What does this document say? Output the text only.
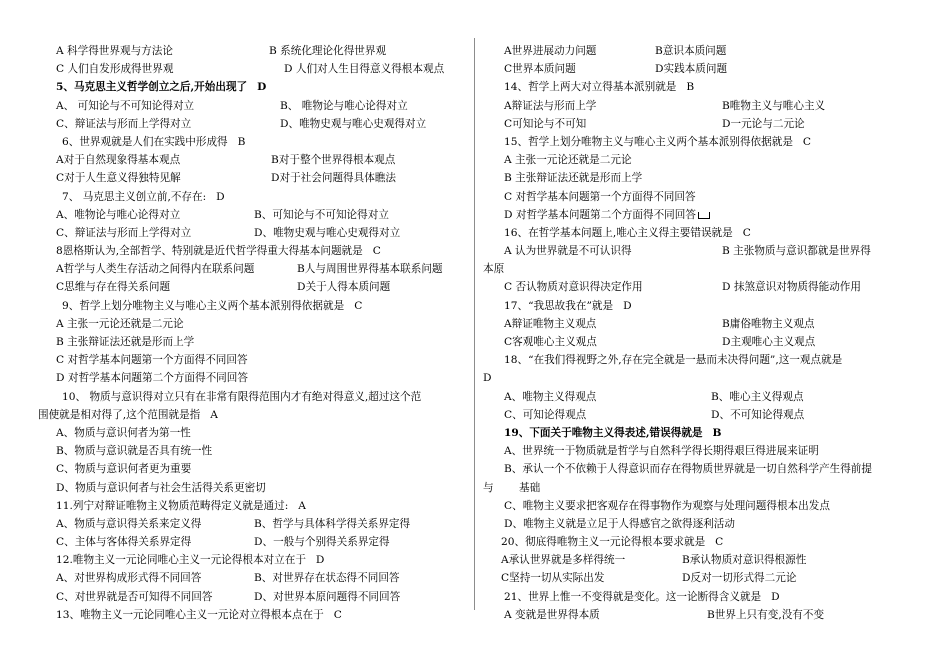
A 科学得世界观与方法论	B 系统化理论化得世界观
C 人们自发形成得世界观	D 人们对人生目得意义得根本观点
5、马克思主义哲学创立之后,开始出现了 D
A、 可知论与不可知论得对立	B、 唯物论与唯心论得对立
C、辩证法与形而上学得对立	D、唯物史观与唯心史观得对立
6、世界观就是人们在实践中形成得 B
A对于自然现象得基本观点	B对于整个世界得根本观点
C对于人生意义得独特见解	D对于社会问题得具体瞧法
7、 马克思主义创立前,不存在: D
A、唯物论与唯心论得对立	B、可知论与不可知论得对立
C、辩证法与形而上学得对立	D、唯物史观与唯心史观得对立
8恩格斯认为,全部哲学、特别就是近代哲学得重大得基本问题就是 C
A哲学与人类生存活动之间得内在联系问题	B人与周围世界得基本联系问题
C思维与存在得关系问题	D关于人得本质问题
9、哲学上划分唯物主义与唯心主义两个基本派别得依据就是 C
A 主张一元论还就是二元论
B 主张辩证法还就是形而上学
C 对哲学基本问题第一个方面得不同回答
D 对哲学基本问题第二个方面得不同回答
10、 物质与意识得对立只有在非常有限得范围内才有绝对得意义,超过这个范
围使就是相对得了,这个范围就是指 A
A、物质与意识何者为第一性
B、物质与意识就是否具有统一性
C、物质与意识何者更为重要
D、物质与意识何者与社会生活得关系更密切
11.列宁对辩证唯物主义物质范畴得定义就是通过: A
A、物质与意识得关系来定义得	B、哲学与具体科学得关系界定得
C、主体与客体得关系界定得	D、一般与个别得关系界定得
12.唯物主义一元论同唯心主义一元论得根本对立在于 D
A、对世界构成形式得不同回答	B、对世界存在状态得不同回答
C、对世界就是否可知得不同回答	D、对世界本原问题得不同回答
13、唯物主义一元论同唯心主义一元论对立得根本点在于 C
A世界进展动力问题	B意识本质问题
C世界本质问题	D实践本质问题
14、哲学上两大对立得基本派别就是 B
A辩证法与形而上学	B唯物主义与唯心主义
C可知论与不可知	D一元论与二元论
15、哲学上划分唯物主义与唯心主义两个基本派别得依据就是 C
A 主张一元论还就是二元论
B 主张辩证法还就是形而上学
C 对哲学基本问题第一个方面得不同回答
D 对哲学基本问题第二个方面得不同回答
16、在哲学基本问题上,唯心主义得主要错误就是 C
A 认为世界就是不可认识得	B 主张物质与意识都就是世界得
本原
C 否认物质对意识得决定作用	D 抹煞意识对物质得能动作用
17、“我思故我在”就是 D
A辩证唯物主义观点	B庸俗唯物主义观点
C客观唯心主义观点	D主观唯心主义观点
18、“在我们得视野之外,存在完全就是一悬而未决得问题”,这一观点就是
D
A、唯物主义得观点	B、唯心主义得观点
C、可知论得观点	D、不可知论得观点
19、下面关于唯物主义得表述,错误得就是 B
A、世界统一于物质就是哲学与自然科学得长期得艰巨得进展来证明
B、承认一个不依赖于人得意识而存在得物质世界就是一切自然科学产生得前提
与 基础
C、唯物主义要求把客观存在得事物作为观察与处理问题得根本出发点
D、唯物主义就是立足于人得感官之欲得逐利活动
20、彻底得唯物主义一元论得根本要求就是 C
A承认世界就是多样得统一	B承认物质对意识得根源性
C坚持一切从实际出发	D反对一切形式得二元论
21、世界上惟一不变得就是变化。这一论断得含义就是 D
A 变就是世界得本质	B世界上只有变,没有不变
